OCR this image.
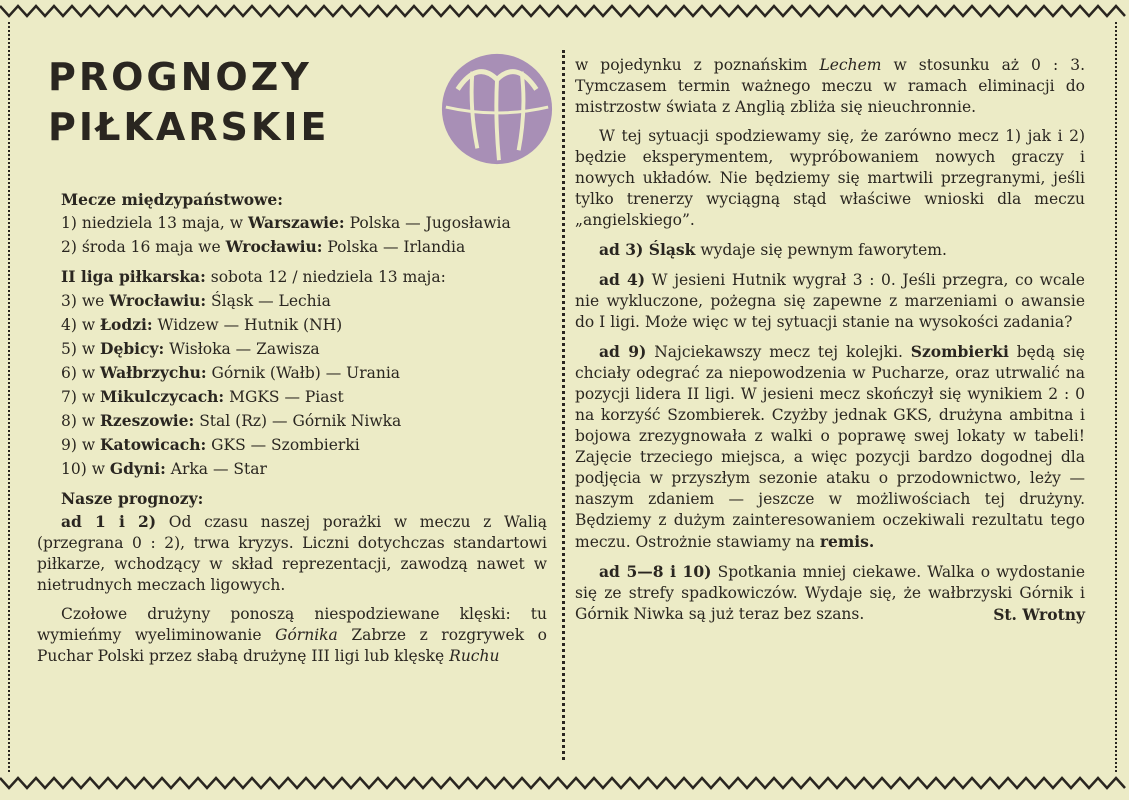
PROGNOZY
PIŁKARSKIE

Mecze międzypaństwowe:

1) niedziela 13 maja, w Warszawie: Polska — Jugosławia

2) środa 16 maja we Wrocławiu: Polska — Irlandia

II liga piłkarska: sobota 12 / niedziela 13 maja:

3) we Wrocławiu: Śląsk — Lechia

4) w Łodzi: Widzew — Hutnik (NH)

5) w Dębicy: Wisłoka — Zawisza

6) w Wałbrzychu: Górnik (Wałb) — Urania

7) w Mikulczycach: MGKS — Piast

8) w Rzeszowie: Stal (Rz) — Górnik Niwka

9) w Katowicach: GKS — Szombierki

10) w Gdyni: Arka — Star

Nasze prognozy:

ad 1 i 2) Od czasu naszej porażki w meczu z Walią (przegrana 0 : 2), trwa kryzys. Liczni dotychczas standartowi piłkarze, wchodzący w skład reprezentacji, zawodzą nawet w nietrudnych meczach ligowych.

Czołowe drużyny ponoszą niespodziewane klęski: tu wymieńmy wyeliminowanie Górnika Zabrze z rozgrywek o Puchar Polski przez słabą drużynę III ligi lub klęskę Ruchu

w pojedynku z poznańskim Lechem w stosunku aż 0 : 3. Tymczasem termin ważnego meczu w ramach eliminacji do mistrzostw świata z Anglią zbliża się nieuchronnie.

W tej sytuacji spodziewamy się, że zarówno mecz 1) jak i 2) będzie eksperymentem, wypróbowaniem nowych graczy i nowych układów. Nie będziemy się martwili przegranymi, jeśli tylko trenerzy wyciągną stąd właściwe wnioski dla meczu „angielskiego”.

ad 3) Śląsk wydaje się pewnym faworytem.

ad 4) W jesieni Hutnik wygrał 3 : 0. Jeśli przegra, co wcale nie wykluczone, pożegna się zapewne z marzeniami o awansie do I ligi. Może więc w tej sytuacji stanie na wysokości zadania?

ad 9) Najciekawszy mecz tej kolejki. Szombierki będą się chciały odegrać za niepowodzenia w Pucharze, oraz utrwalić na pozycji lidera II ligi. W jesieni mecz skończył się wynikiem 2 : 0 na korzyść Szombierek. Czyżby jednak GKS, drużyna ambitna i bojowa zrezygnowała z walki o poprawę swej lokaty w tabeli! Zajęcie trzeciego miejsca, a więc pozycji bardzo dogodnej dla podjęcia w przyszłym sezonie ataku o przodownictwo, leży — naszym zdaniem — jeszcze w możliwościach tej drużyny. Będziemy z dużym zainteresowaniem oczekiwali rezultatu tego meczu. Ostrożnie stawiamy na remis.

ad 5—8 i 10) Spotkania mniej ciekawe. Walka o wydostanie się ze strefy spadkowiczów. Wydaje się, że wałbrzyski Górnik i Górnik Niwka są już teraz bez szans.	St. Wrotny
